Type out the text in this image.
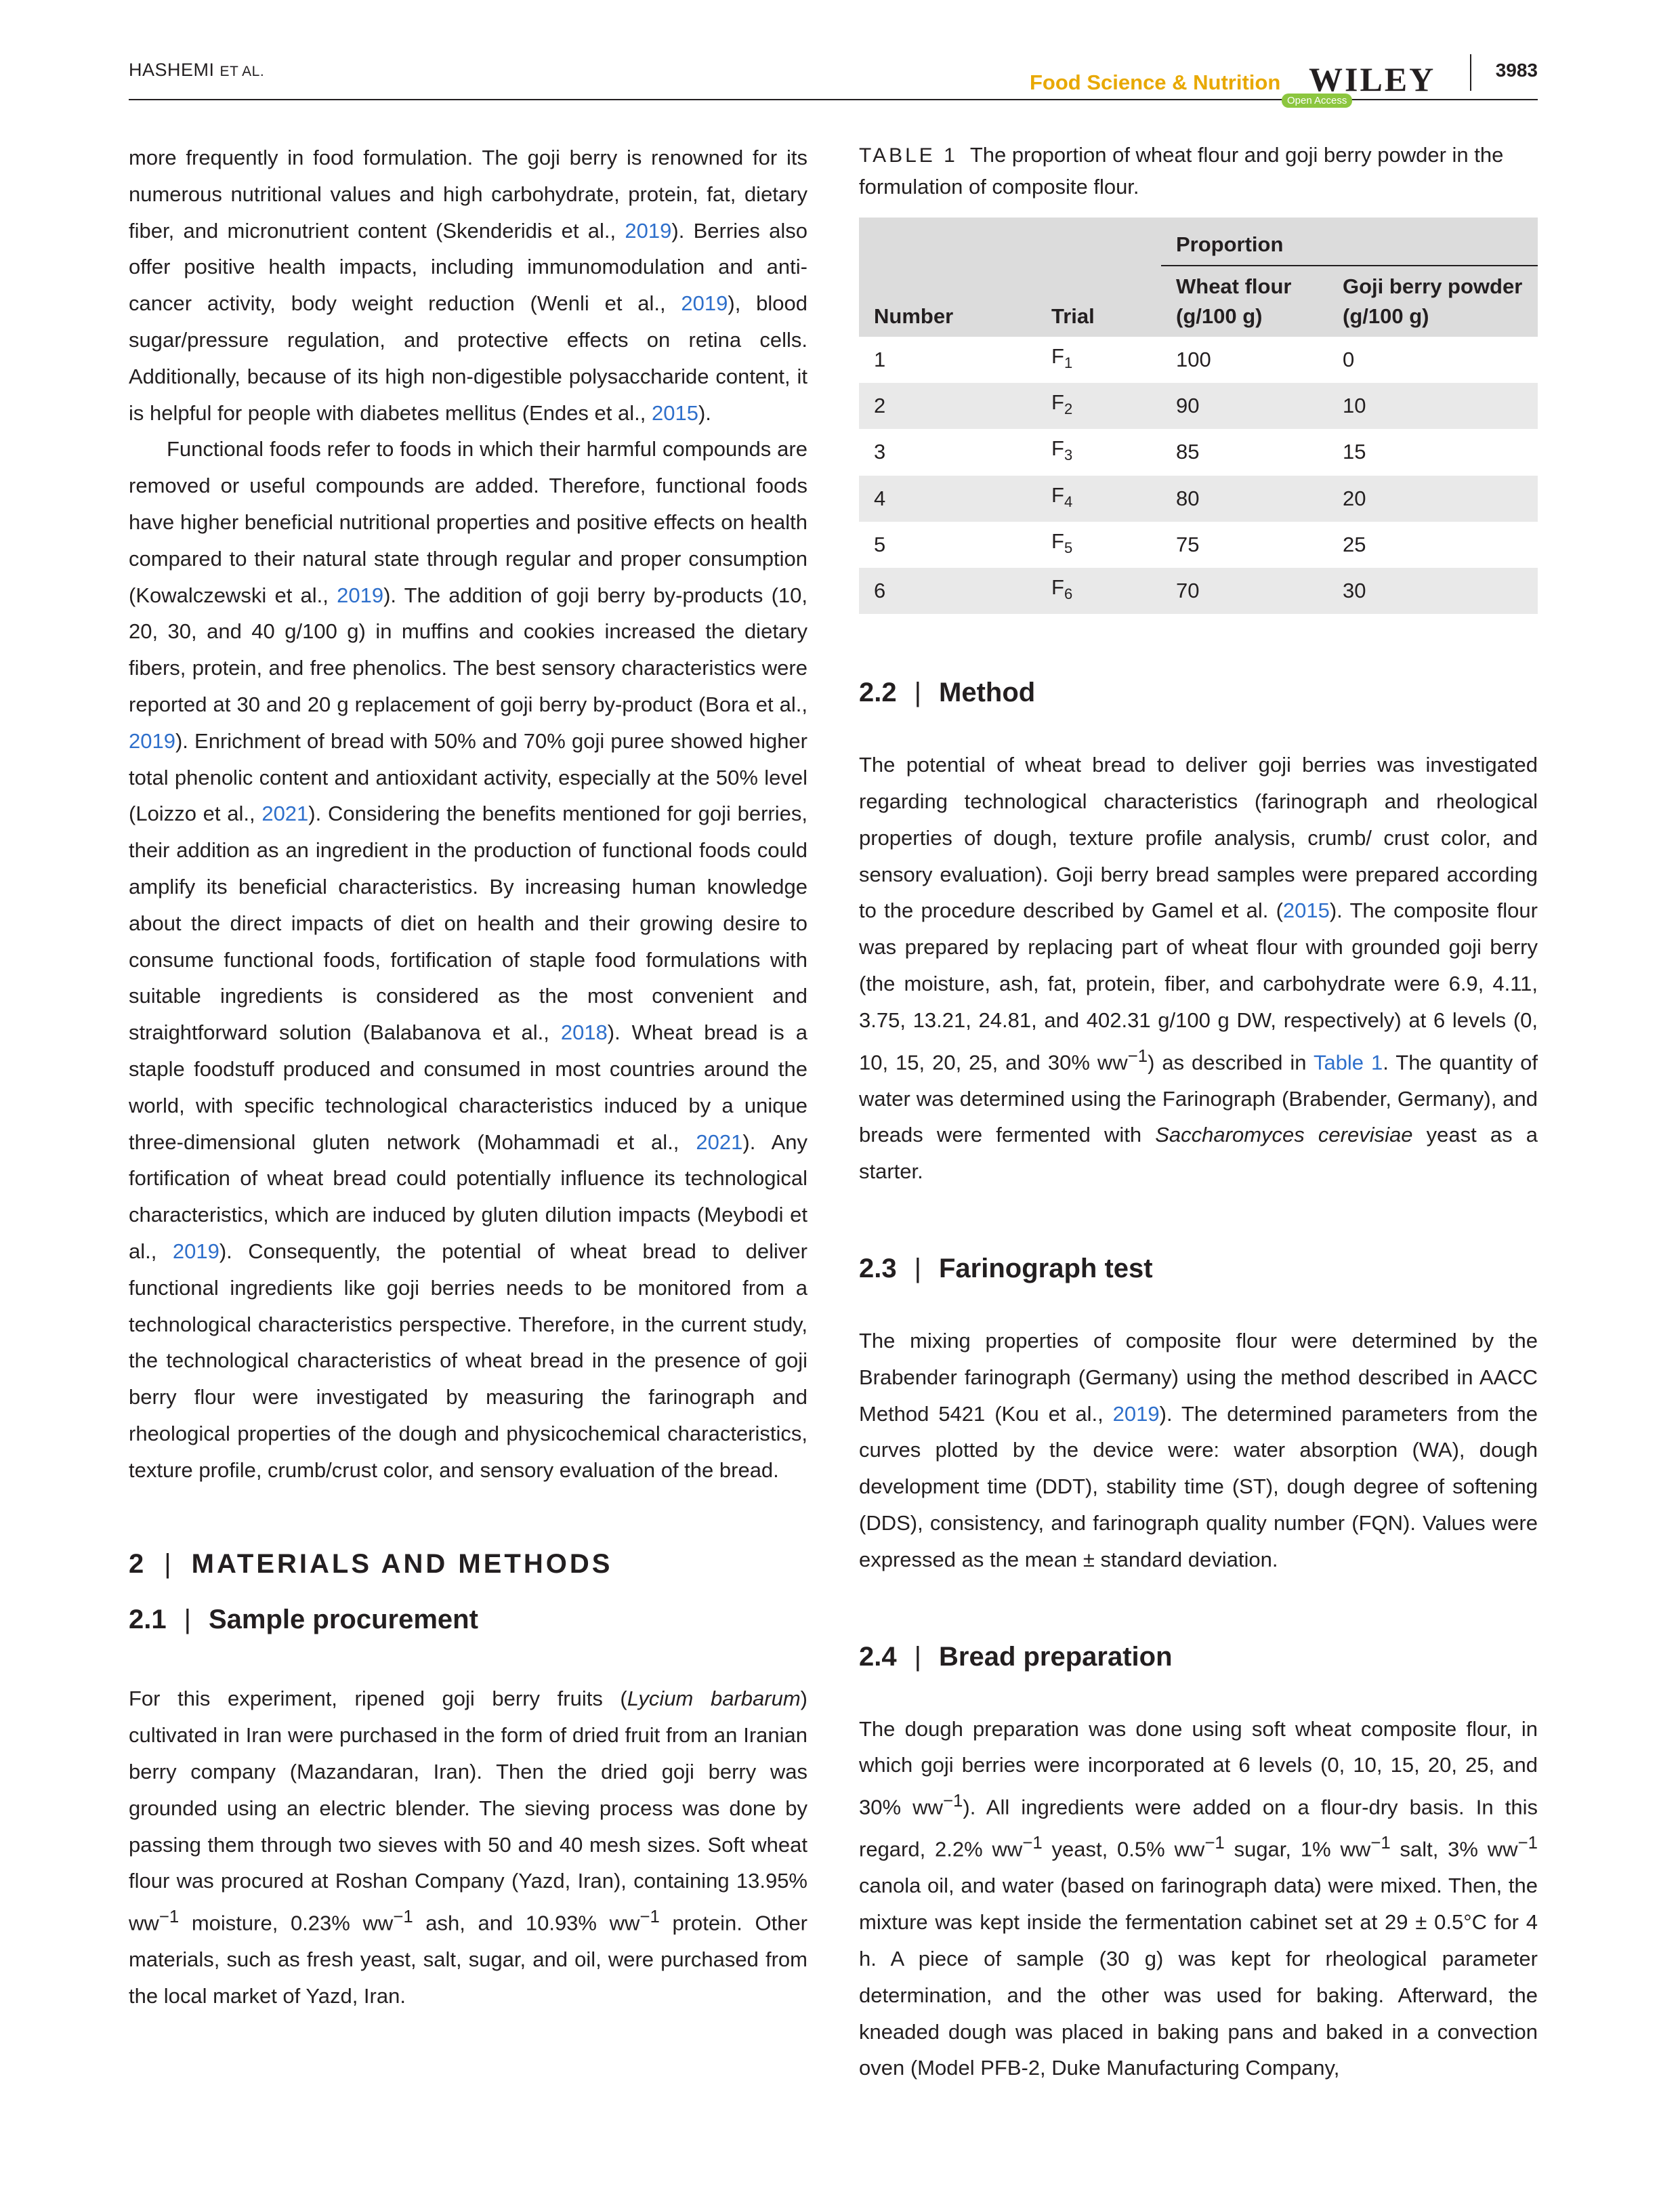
HASHEMI ET AL.	Food Science & Nutrition
Open Access
WILEY	3983

more frequently in food formulation. The goji berry is renowned for its numerous nutritional values and high carbohydrate, protein, fat, dietary fiber, and micronutrient content (Skenderidis et al., 2019). Berries also offer positive health impacts, including immunomodulation and anti-cancer activity, body weight reduction (Wenli et al., 2019), blood sugar/pressure regulation, and protective effects on retina cells. Additionally, because of its high non-digestible polysaccharide content, it is helpful for people with diabetes mellitus (Endes et al., 2015).

Functional foods refer to foods in which their harmful compounds are removed or useful compounds are added. Therefore, functional foods have higher beneficial nutritional properties and positive effects on health compared to their natural state through regular and proper consumption (Kowalczewski et al., 2019). The addition of goji berry by-products (10, 20, 30, and 40 g/100 g) in muffins and cookies increased the dietary fibers, protein, and free phenolics. The best sensory characteristics were reported at 30 and 20 g replacement of goji berry by-product (Bora et al., 2019). Enrichment of bread with 50% and 70% goji puree showed higher total phenolic content and antioxidant activity, especially at the 50% level (Loizzo et al., 2021). Considering the benefits mentioned for goji berries, their addition as an ingredient in the production of functional foods could amplify its beneficial characteristics. By increasing human knowledge about the direct impacts of diet on health and their growing desire to consume functional foods, fortification of staple food formulations with suitable ingredients is considered as the most convenient and straightforward solution (Balabanova et al., 2018). Wheat bread is a staple foodstuff produced and consumed in most countries around the world, with specific technological characteristics induced by a unique three-dimensional gluten network (Mohammadi et al., 2021). Any fortification of wheat bread could potentially influence its technological characteristics, which are induced by gluten dilution impacts (Meybodi et al., 2019). Consequently, the potential of wheat bread to deliver functional ingredients like goji berries needs to be monitored from a technological characteristics perspective. Therefore, in the current study, the technological characteristics of wheat bread in the presence of goji berry flour were investigated by measuring the farinograph and rheological properties of the dough and physicochemical characteristics, texture profile, crumb/crust color, and sensory evaluation of the bread.

2 | MATERIALS AND METHODS
2.1 | Sample procurement

For this experiment, ripened goji berry fruits (Lycium barbarum) cultivated in Iran were purchased in the form of dried fruit from an Iranian berry company (Mazandaran, Iran). Then the dried goji berry was grounded using an electric blender. The sieving process was done by passing them through two sieves with 50 and 40 mesh sizes. Soft wheat flour was procured at Roshan Company (Yazd, Iran), containing 13.95% $ww^{-1}$ moisture, 0.23% $ww^{-1}$ ash, and 10.93% $ww^{-1}$ protein. Other materials, such as fresh yeast, salt, sugar, and oil, were purchased from the local market of Yazd, Iran.

TABLE 1 The proportion of wheat flour and goji berry powder in the formulation of composite flour.
		Proportion	
Number	Trial	Wheat flour (g/100 g)	Goji berry powder (g/100 g)
1	$F_1$	100	0
2	$F_2$	90	10
3	$F_3$	85	15
4	$F_4$	80	20
5	$F_5$	75	25
6	$F_6$	70	30
2.2 | Method

The potential of wheat bread to deliver goji berries was investigated regarding technological characteristics (farinograph and rheological properties of dough, texture profile analysis, crumb/ crust color, and sensory evaluation). Goji berry bread samples were prepared according to the procedure described by Gamel et al. (2015). The composite flour was prepared by replacing part of wheat flour with grounded goji berry (the moisture, ash, fat, protein, fiber, and carbohydrate were 6.9, 4.11, 3.75, 13.21, 24.81, and 402.31 g/100 g DW, respectively) at 6 levels (0, 10, 15, 20, 25, and 30% $ww^{-1}$) as described in Table 1. The quantity of water was determined using the Farinograph (Brabender, Germany), and breads were fermented with Saccharomyces cerevisiae yeast as a starter.

2.3 | Farinograph test

The mixing properties of composite flour were determined by the Brabender farinograph (Germany) using the method described in AACC Method 5421 (Kou et al., 2019). The determined parameters from the curves plotted by the device were: water absorption (WA), dough development time (DDT), stability time (ST), dough degree of softening (DDS), consistency, and farinograph quality number (FQN). Values were expressed as the mean ± standard deviation.

2.4 | Bread preparation

The dough preparation was done using soft wheat composite flour, in which goji berries were incorporated at 6 levels (0, 10, 15, 20, 25, and 30% $ww^{-1}$). All ingredients were added on a flour-dry basis. In this regard, 2.2% $ww^{-1}$ yeast, 0.5% $ww^{-1}$ sugar, 1% $ww^{-1}$ salt, 3% $ww^{-1}$ canola oil, and water (based on farinograph data) were mixed. Then, the mixture was kept inside the fermentation cabinet set at 29 ± 0.5°C for 4 h. A piece of sample (30 g) was kept for rheological parameter determination, and the other was used for baking. Afterward, the kneaded dough was placed in baking pans and baked in a convection oven (Model PFB-2, Duke Manufacturing Company,
